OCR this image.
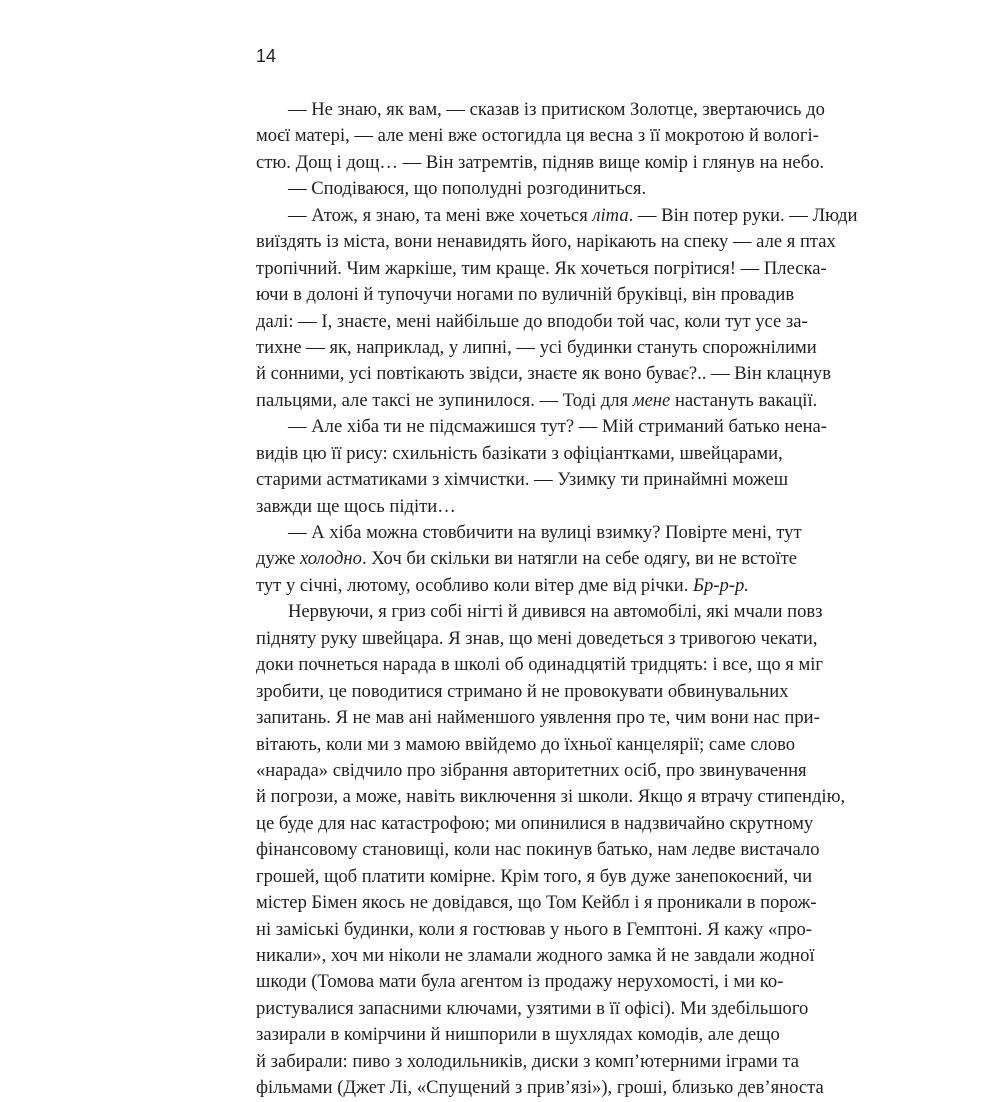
14
— Не знаю, як вам, — сказав із притиском Золотце, звертаючись до
моєї матері, — але мені вже остогидла ця весна з її мокротою й вологі-
стю. Дощ і дощ… — Він затремтів, підняв вище комір і глянув на небо.
— Сподіваюся, що пополудні розгодиниться.
— Атож, я знаю, та мені вже хочеться літа. — Він потер руки. — Люди
виїздять із міста, вони ненавидять його, нарікають на спеку — але я птах
тропічний. Чим жаркіше, тим краще. Як хочеться погрітися! — Плеска-
ючи в долоні й тупочучи ногами по вуличній бруківці, він провадив
далі: — І, знаєте, мені найбільше до вподоби той час, коли тут усе за-
тихне — як, наприклад, у липні, — усі будинки стануть спорожнілими
й сонними, усі повтікають звідси, знаєте як воно буває?.. — Він клацнув
пальцями, але таксі не зупинилося. — Тоді для мене настануть вакації.
— Але хіба ти не підсмажишся тут? — Мій стриманий батько нена-
видів цю її рису: схильність базікати з офіціантками, швейцарами,
старими астматиками з хімчистки. — Узимку ти принаймні можеш
завжди ще щось підіти…
— А хіба можна стовбичити на вулиці взимку? Повірте мені, тут
дуже холодно. Хоч би скільки ви натягли на себе одягу, ви не встоїте
тут у січні, лютому, особливо коли вітер дме від річки. Бр-р-р.
Нервуючи, я гриз собі нігті й дивився на автомобілі, які мчали повз
підняту руку швейцара. Я знав, що мені доведеться з тривогою чекати,
доки почнеться нарада в школі об одинадцятій тридцять: і все, що я міг
зробити, це поводитися стримано й не провокувати обвинувальних
запитань. Я не мав ані найменшого уявлення про те, чим вони нас при-
вітають, коли ми з мамою ввійдемо до їхньої канцелярії; саме слово
«нарада» свідчило про зібрання авторитетних осіб, про звинувачення
й погрози, а може, навіть виключення зі школи. Якщо я втрачу стипендію,
це буде для нас катастрофою; ми опинилися в надзвичайно скрутному
фінансовому становищі, коли нас покинув батько, нам ледве вистачало
грошей, щоб платити комірне. Крім того, я був дуже занепокоєний, чи
містер Бімен якось не довідався, що Том Кейбл і я проникали в порож-
ні заміські будинки, коли я гостював у нього в Гемптоні. Я кажу «про-
никали», хоч ми ніколи не зламали жодного замка й не завдали жодної
шкоди (Томова мати була агентом із продажу нерухомості, і ми ко-
ристувалися запасними ключами, узятими в її офісі). Ми здебільшого
зазирали в комірчини й нишпорили в шухлядах комодів, але дещо
й забирали: пиво з холодильників, диски з комп’ютерними іграми та
фільмами (Джет Лі, «Спущений з прив’язі»), гроші, близько дев’яноста
